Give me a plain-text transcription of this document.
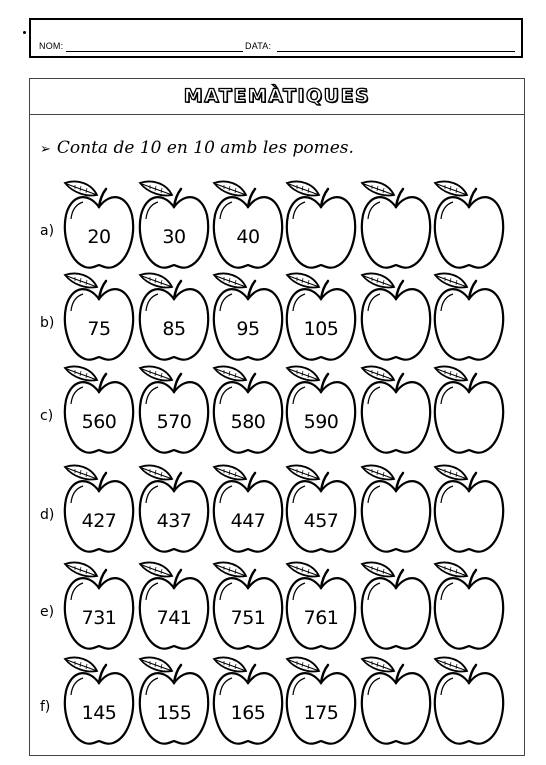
NOM:	DATA:
MATEMÀTIQUES
➢ Conta de 10 en 10 amb les pomes.
a)	20	30	40
b)	75	85	95	105
c)	560	570	580	590
d)	427	437	447	457
e)	731	741	751	761
f)	145	155	165	175
